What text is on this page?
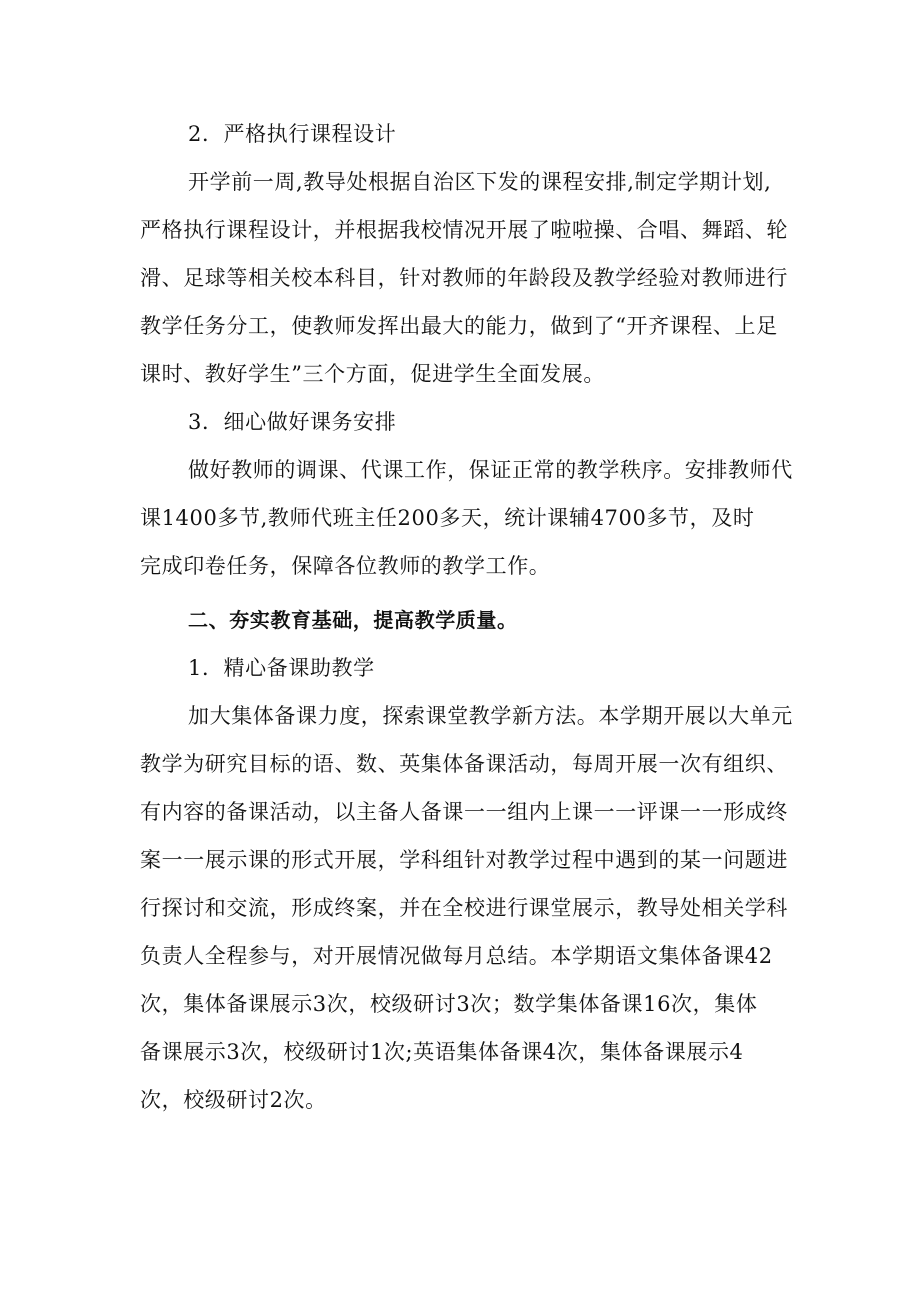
2．严格执行课程设计
开学前一周,教导处根据自治区下发的课程安排,制定学期计划,
严格执行课程设计，并根据我校情况开展了啦啦操、合唱、舞蹈、轮
滑、足球等相关校本科目，针对教师的年龄段及教学经验对教师进行
教学任务分工，使教师发挥出最大的能力，做到了“开齐课程、上足
课时、教好学生”三个方面，促进学生全面发展。
3．细心做好课务安排
做好教师的调课、代课工作，保证正常的教学秩序。安排教师代
课1400多节,教师代班主任200多天，统计课辅4700多节，及时
完成印卷任务，保障各位教师的教学工作。
二、夯实教育基础，提高教学质量。
1．精心备课助教学
加大集体备课力度，探索课堂教学新方法。本学期开展以大单元
教学为研究目标的语、数、英集体备课活动，每周开展一次有组织、
有内容的备课活动，以主备人备课一一组内上课一一评课一一形成终
案一一展示课的形式开展，学科组针对教学过程中遇到的某一问题进
行探讨和交流，形成终案，并在全校进行课堂展示，教导处相关学科
负责人全程参与，对开展情况做每月总结。本学期语文集体备课42
次，集体备课展示3次，校级研讨3次；数学集体备课16次，集体
备课展示3次，校级研讨1次;英语集体备课4次，集体备课展示4
次，校级研讨2次。
